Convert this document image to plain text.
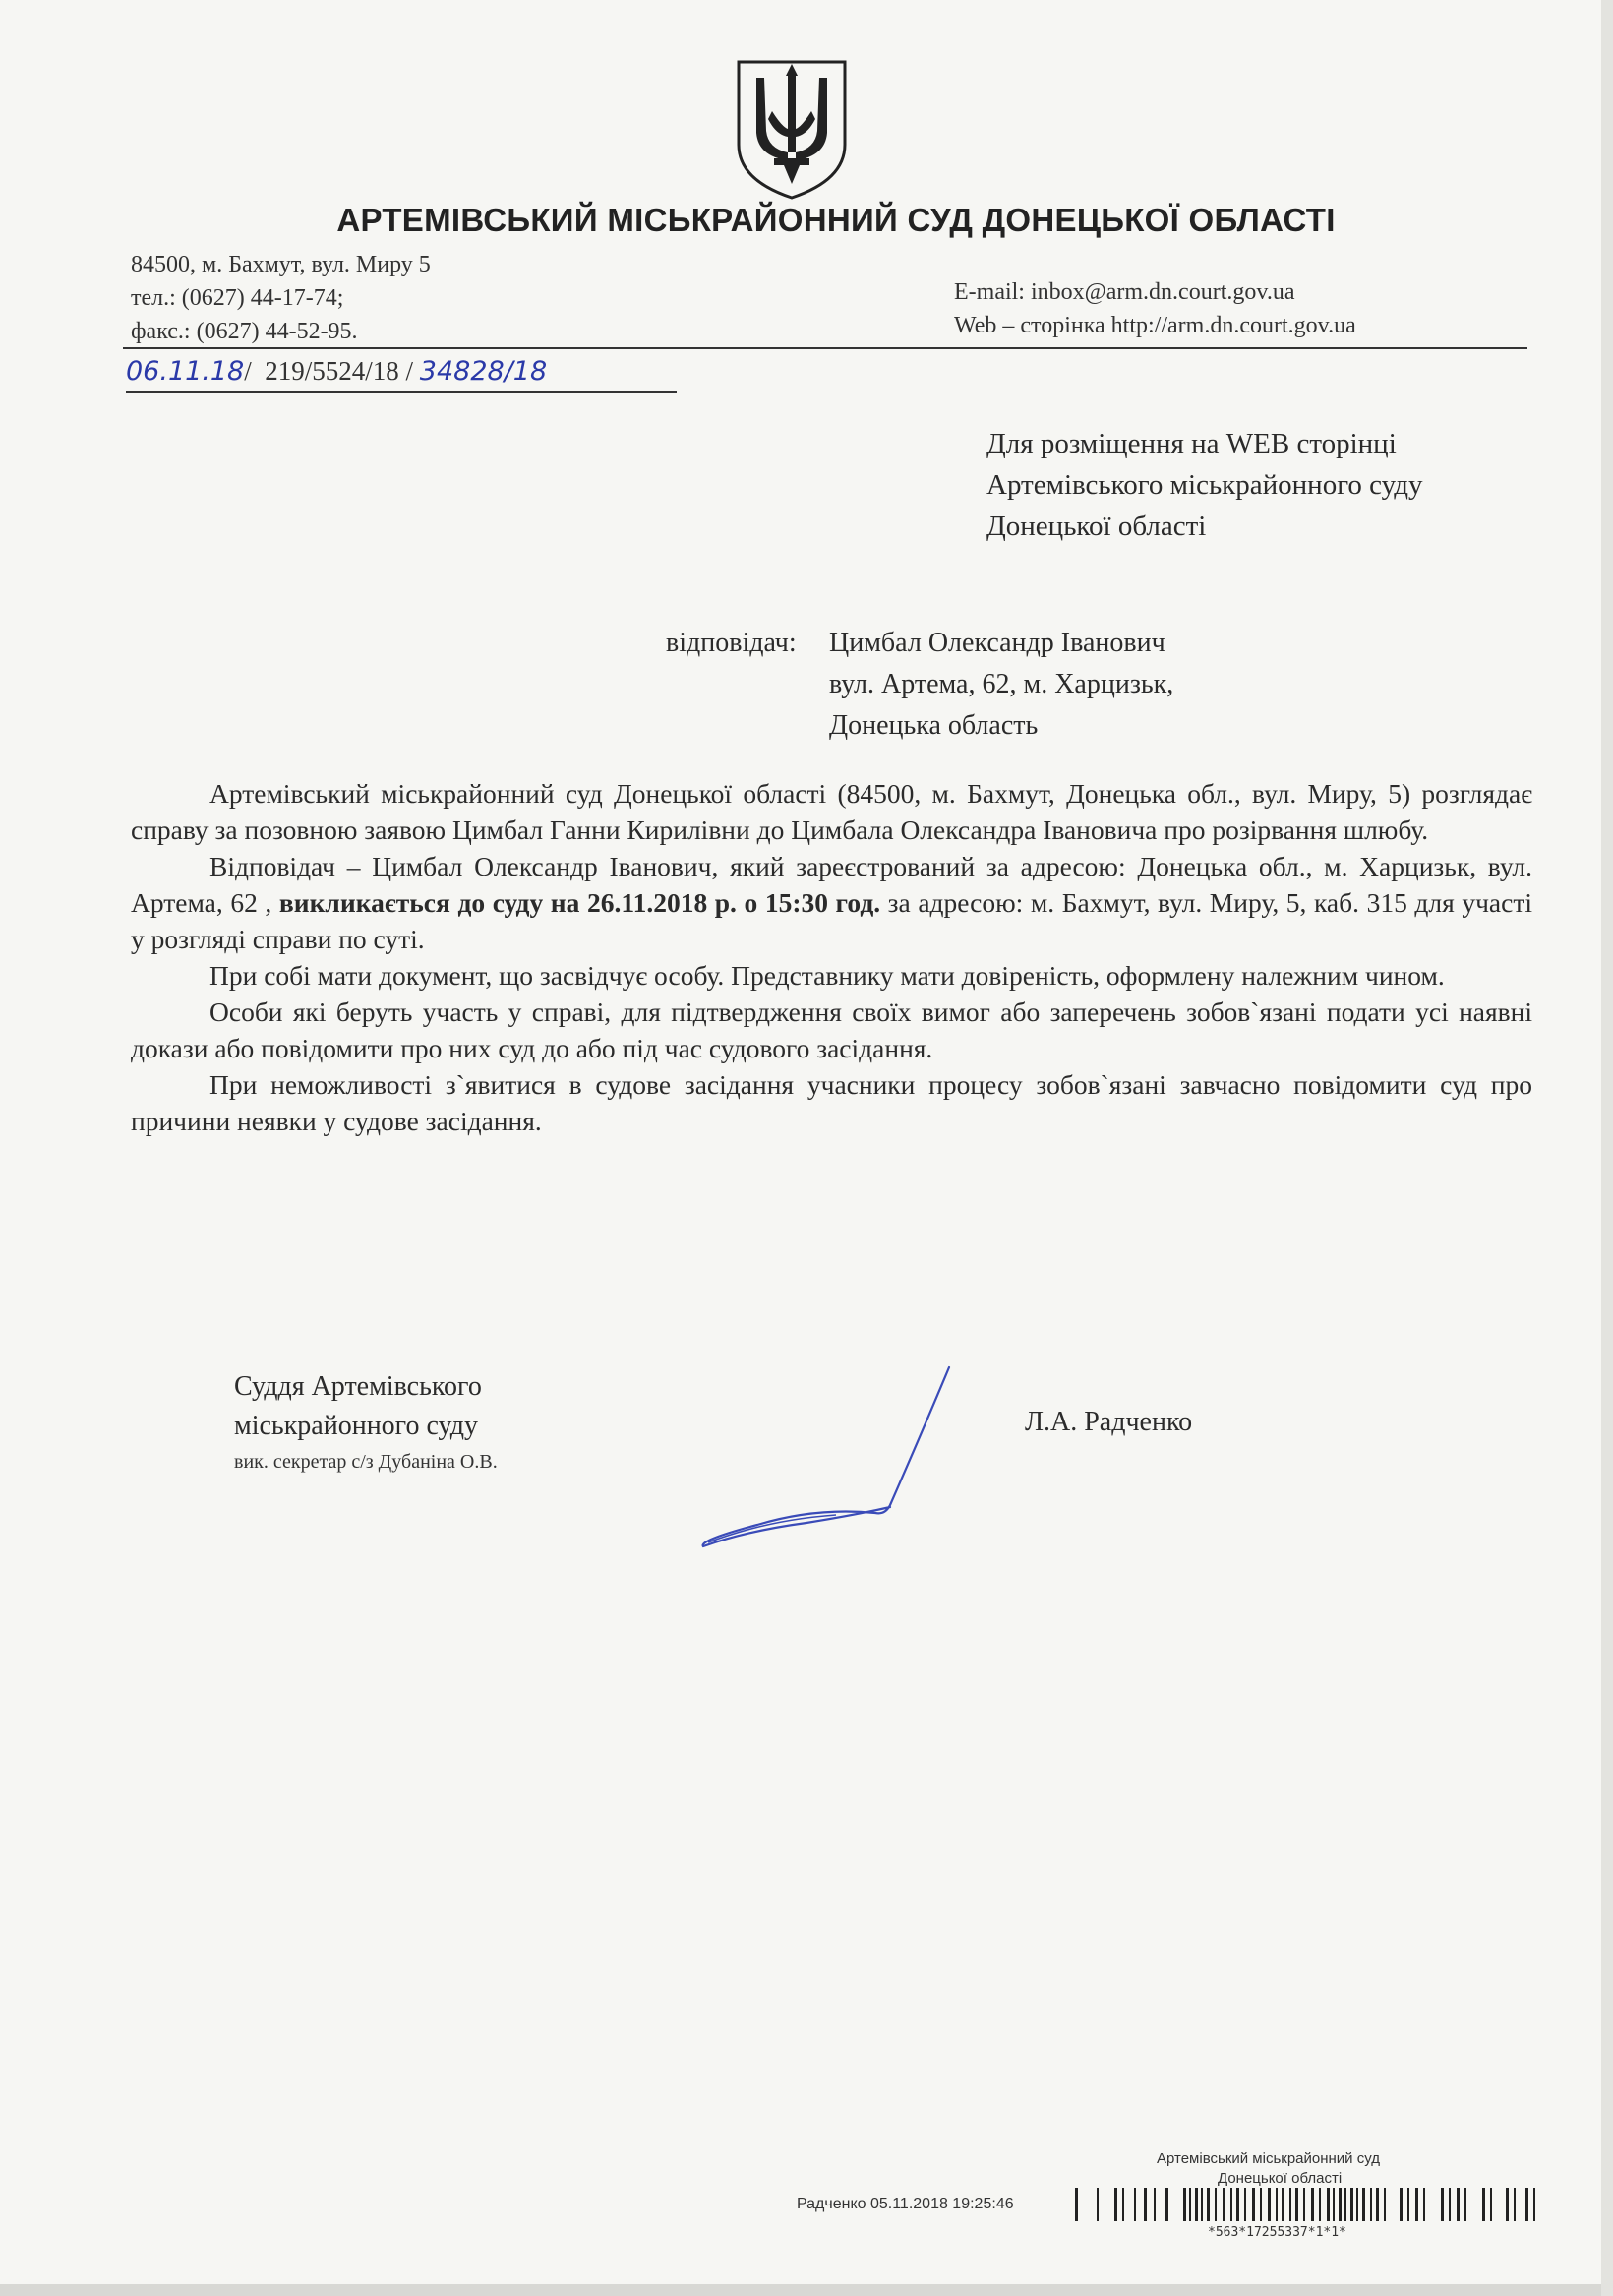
АРТЕМІВСЬКИЙ МІСЬКРАЙОННИЙ СУД ДОНЕЦЬКОЇ ОБЛАСТІ
84500, м. Бахмут, вул. Миру 5
тел.: (0627) 44-17-74;
факс.: (0627) 44-52-95.
E-mail: inbox@arm.dn.court.gov.ua
Web – сторінка http://arm.dn.court.gov.ua
06.11.18/  219/5524/18 / 34828/18
Для розміщення на WEB сторінці
Артемівського міськрайонного суду
Донецької області
відповідач: Цимбал Олександр Іванович
вул. Артема, 62, м. Харцизьк,
Донецька область

Артемівський міськрайонний суд Донецької області (84500, м. Бахмут, Донецька обл., вул. Миру, 5) розглядає справу за позовною заявою Цимбал Ганни Кирилівни до Цимбала Олександра Івановича про розірвання шлюбу.

Відповідач – Цимбал Олександр Іванович, який зареєстрований за адресою: Донецька обл., м. Харцизьк, вул. Артема, 62 , викликається до суду на 26.11.2018 р. о 15:30 год. за адресою: м. Бахмут, вул. Миру, 5, каб. 315 для участі у розгляді справи по суті.

При собі мати документ, що засвідчує особу. Представнику мати довіреність, оформлену належним чином.

Особи які беруть участь у справі, для підтвердження своїх вимог або заперечень зобов`язані подати усі наявні докази або повідомити про них суд до або під час судового засідання.

При неможливості з`явитися в судове засідання учасники процесу зобов`язані завчасно повідомити суд про причини неявки у судове засідання.

Суддя Артемівського
міськрайонного суду
вик. секретар с/з Дубаніна О.В.
Л.А. Радченко
Артемівський міськрайонний суд
Донецької області
Радченко 05.11.2018 19:25:46
*563*17255337*1*1*
